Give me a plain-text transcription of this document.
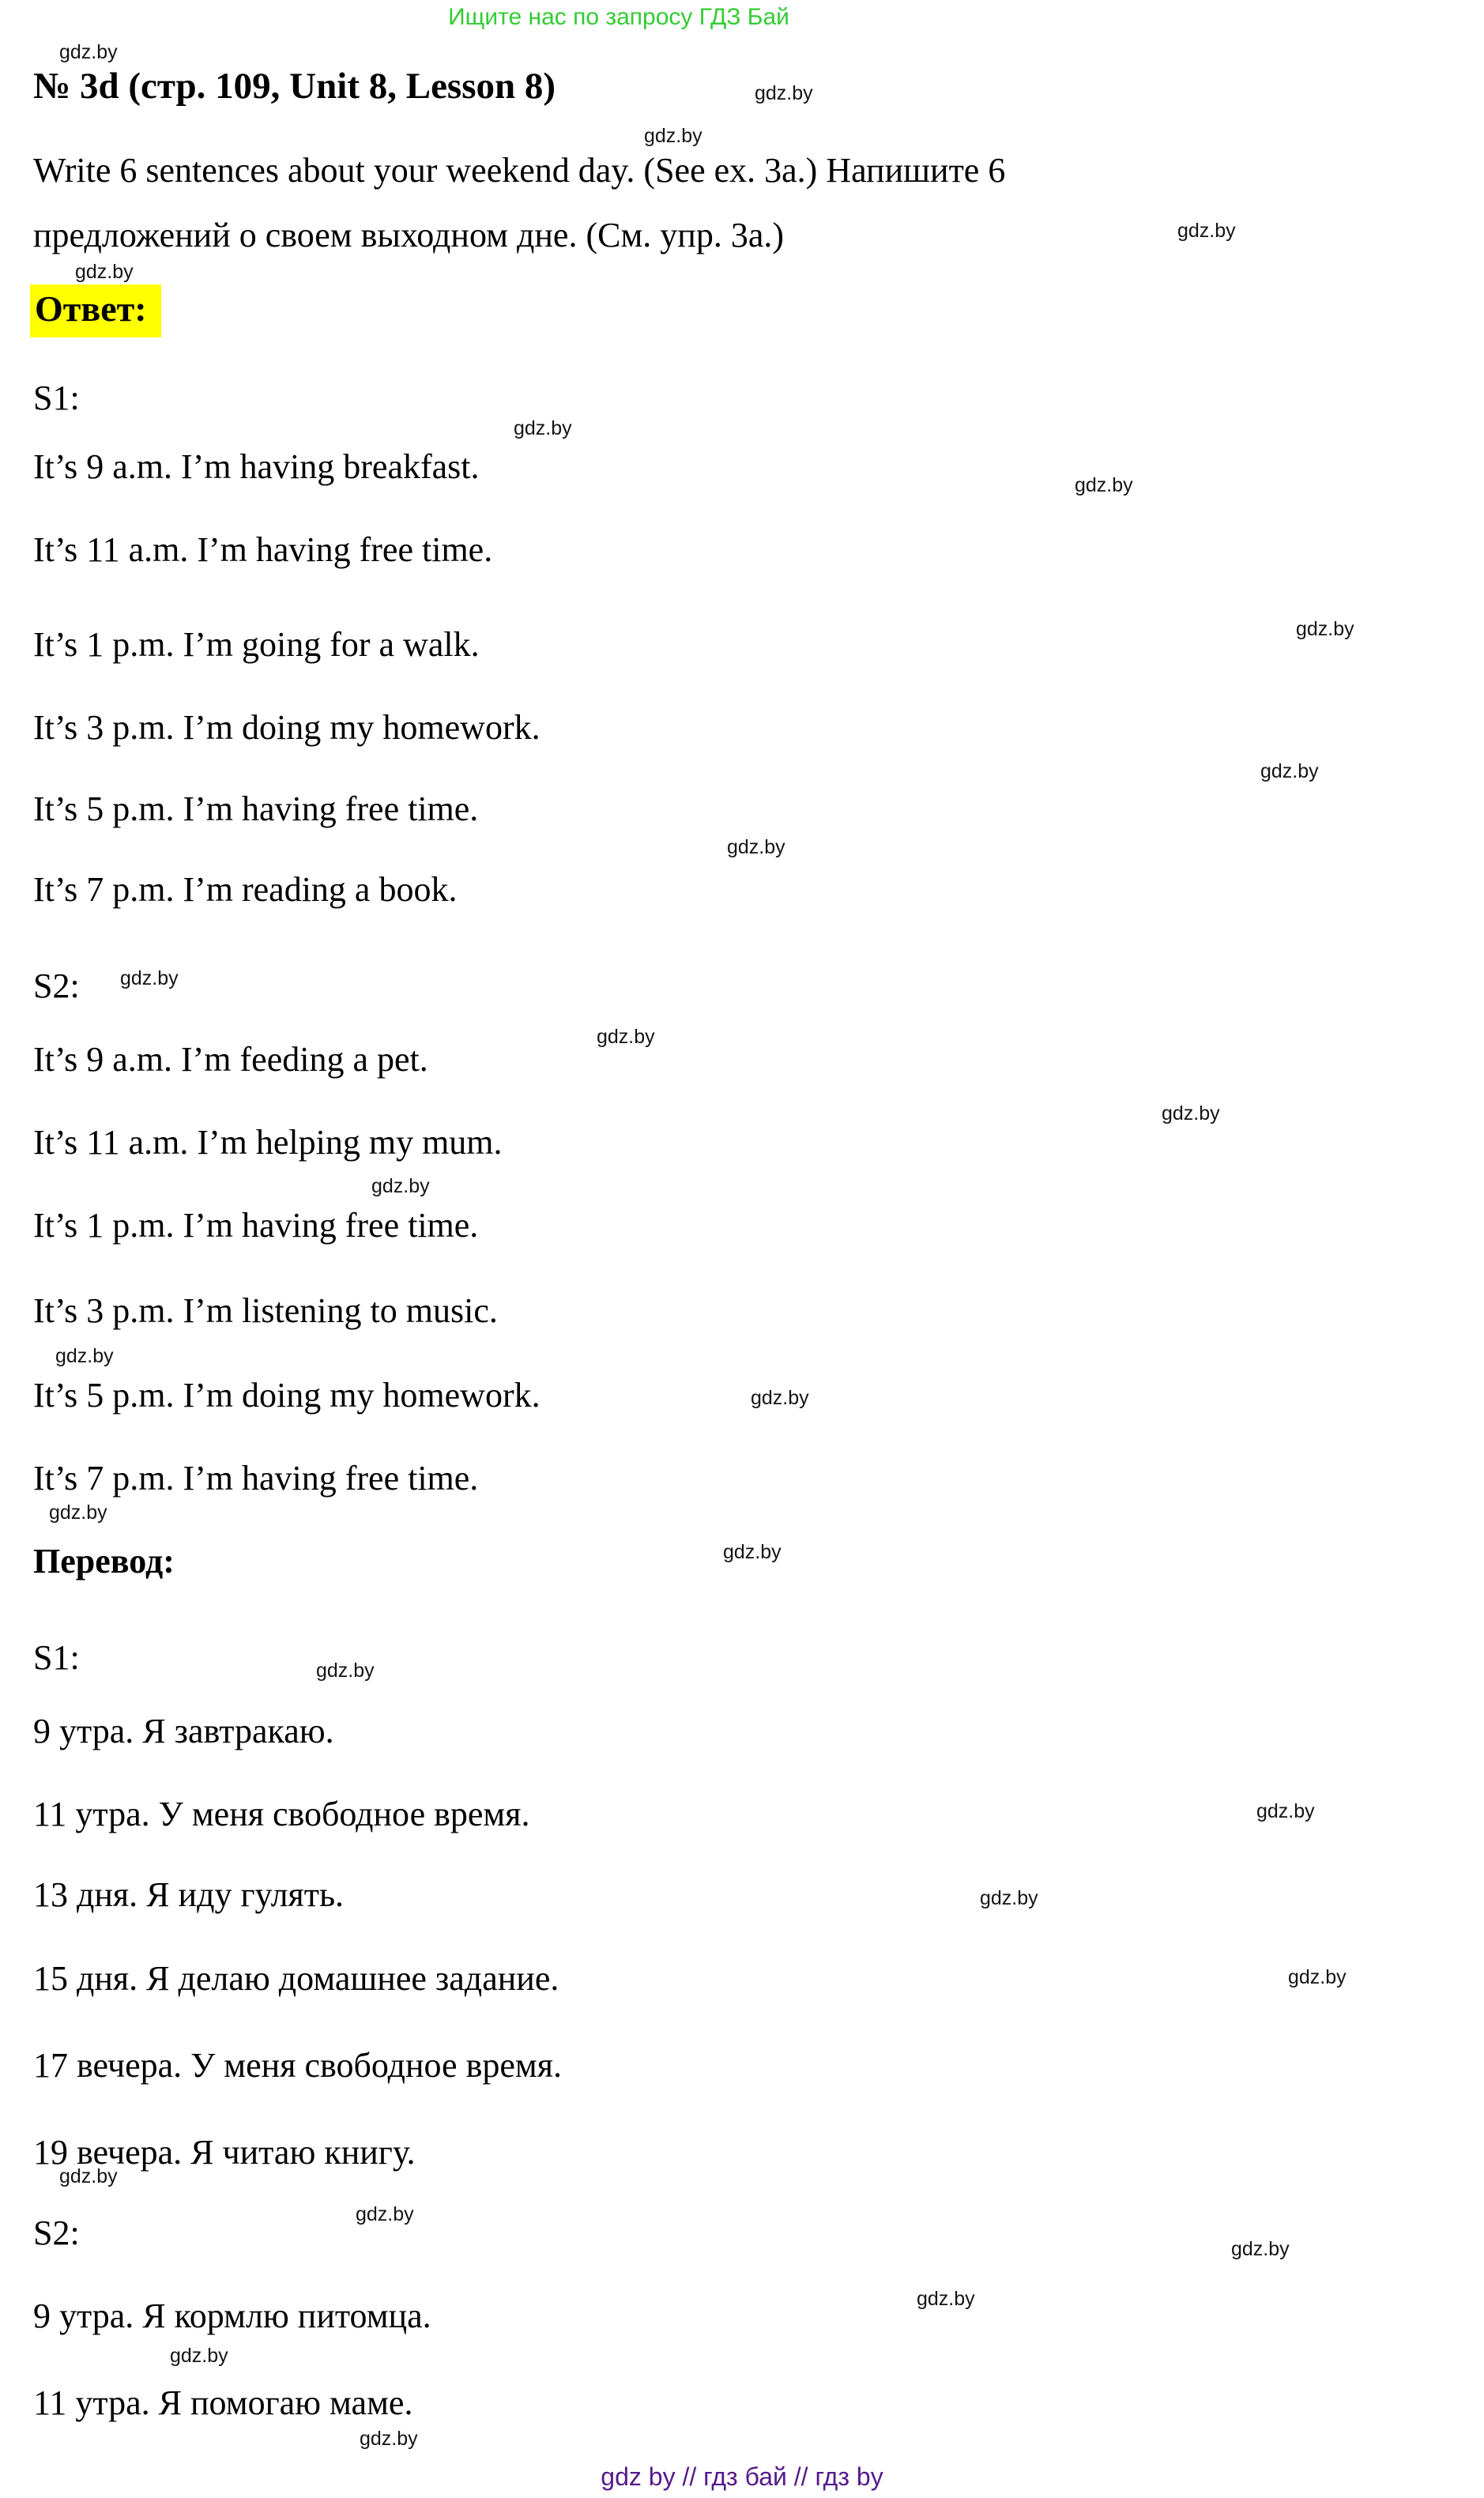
Ищите нас по запросу ГДЗ Бай
№ 3d (стр. 109, Unit 8, Lesson 8)
Write 6 sentences about your weekend day. (See ex. 3a.) Напишите 6
предложений о своем выходном дне. (См. упр. 3а.)
Ответ:
S1:
It’s 9 a.m. I’m having breakfast.
It’s 11 a.m. I’m having free time.
It’s 1 p.m. I’m going for a walk.
It’s 3 p.m. I’m doing my homework.
It’s 5 p.m. I’m having free time.
It’s 7 p.m. I’m reading a book.
S2:
It’s 9 a.m. I’m feeding a pet.
It’s 11 a.m. I’m helping my mum.
It’s 1 p.m. I’m having free time.
It’s 3 p.m. I’m listening to music.
It’s 5 p.m. I’m doing my homework.
It’s 7 p.m. I’m having free time.
Перевод:
S1:
9 утра. Я завтракаю.
11 утра. У меня свободное время.
13 дня. Я иду гулять.
15 дня. Я делаю домашнее задание.
17 вечера. У меня свободное время.
19 вечера. Я читаю книгу.
S2:
9 утра. Я кормлю питомца.
11 утра. Я помогаю маме.
gdz.by
gdz.by
gdz.by
gdz.by
gdz.by
gdz.by
gdz.by
gdz.by
gdz.by
gdz.by
gdz.by
gdz.by
gdz.by
gdz.by
gdz.by
gdz.by
gdz.by
gdz.by
gdz.by
gdz.by
gdz.by
gdz.by
gdz.by
gdz.by
gdz.by
gdz.by
gdz.by
gdz.by
gdz by // гдз бай // гдз by
